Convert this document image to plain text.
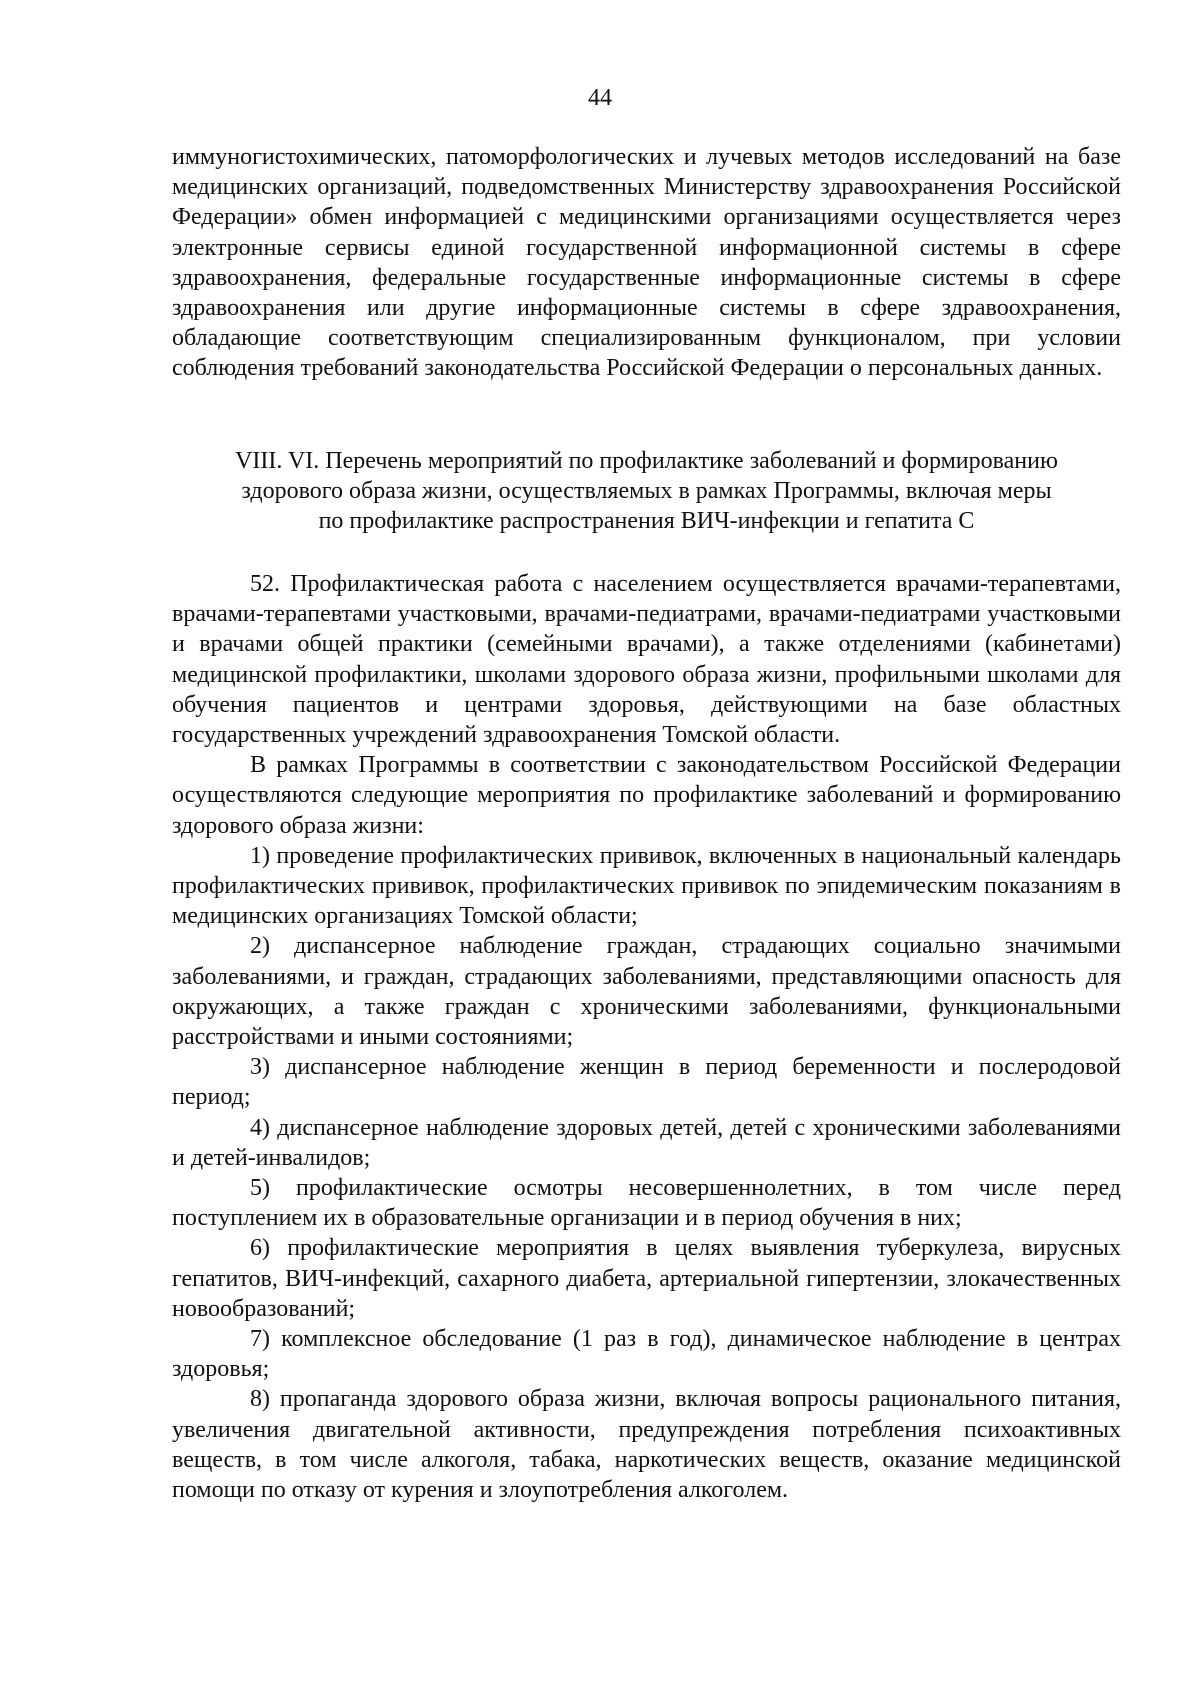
44

иммуногистохимических, патоморфологических и лучевых методов исследований на базе медицинских организаций, подведомственных Министерству здравоохранения Российской Федерации» обмен информацией с медицинскими организациями осуществляется через электронные сервисы единой государственной информационной системы в сфере здравоохранения, федеральные государственные информационные системы в сфере здравоохранения или другие информационные системы в сфере здравоохранения, обладающие соответствующим специализированным функционалом, при условии соблюдения требований законодательства Российской Федерации о персональных данных.

VIII. VI. Перечень мероприятий по профилактике заболеваний и формированию
здорового образа жизни, осуществляемых в рамках Программы, включая меры
по профилактике распространения ВИЧ-инфекции и гепатита С

52. Профилактическая работа с населением осуществляется врачами-терапевтами, врачами-терапевтами участковыми, врачами-педиатрами, врачами-педиатрами участковыми и врачами общей практики (семейными врачами), а также отделениями (кабинетами) медицинской профилактики, школами здорового образа жизни, профильными школами для обучения пациентов и центрами здоровья, действующими на базе областных государственных учреждений здравоохранения Томской области.

В рамках Программы в соответствии с законодательством Российской Федерации осуществляются следующие мероприятия по профилактике заболеваний и формированию здорового образа жизни:

1) проведение профилактических прививок, включенных в национальный календарь профилактических прививок, профилактических прививок по эпидемическим показаниям в медицинских организациях Томской области;

2) диспансерное наблюдение граждан, страдающих социально значимыми заболеваниями, и граждан, страдающих заболеваниями, представляющими опасность для окружающих, а также граждан с хроническими заболеваниями, функциональными расстройствами и иными состояниями;

3) диспансерное наблюдение женщин в период беременности и послеродовой период;

4) диспансерное наблюдение здоровых детей, детей с хроническими заболеваниями и детей-инвалидов;

5) профилактические осмотры несовершеннолетних, в том числе перед поступлением их в образовательные организации и в период обучения в них;

6) профилактические мероприятия в целях выявления туберкулеза, вирусных гепатитов, ВИЧ-инфекций, сахарного диабета, артериальной гипертензии, злокачественных новообразований;

7) комплексное обследование (1 раз в год), динамическое наблюдение в центрах здоровья;

8) пропаганда здорового образа жизни, включая вопросы рационального питания, увеличения двигательной активности, предупреждения потребления психоактивных веществ, в том числе алкоголя, табака, наркотических веществ, оказание медицинской помощи по отказу от курения и злоупотребления алкоголем.
